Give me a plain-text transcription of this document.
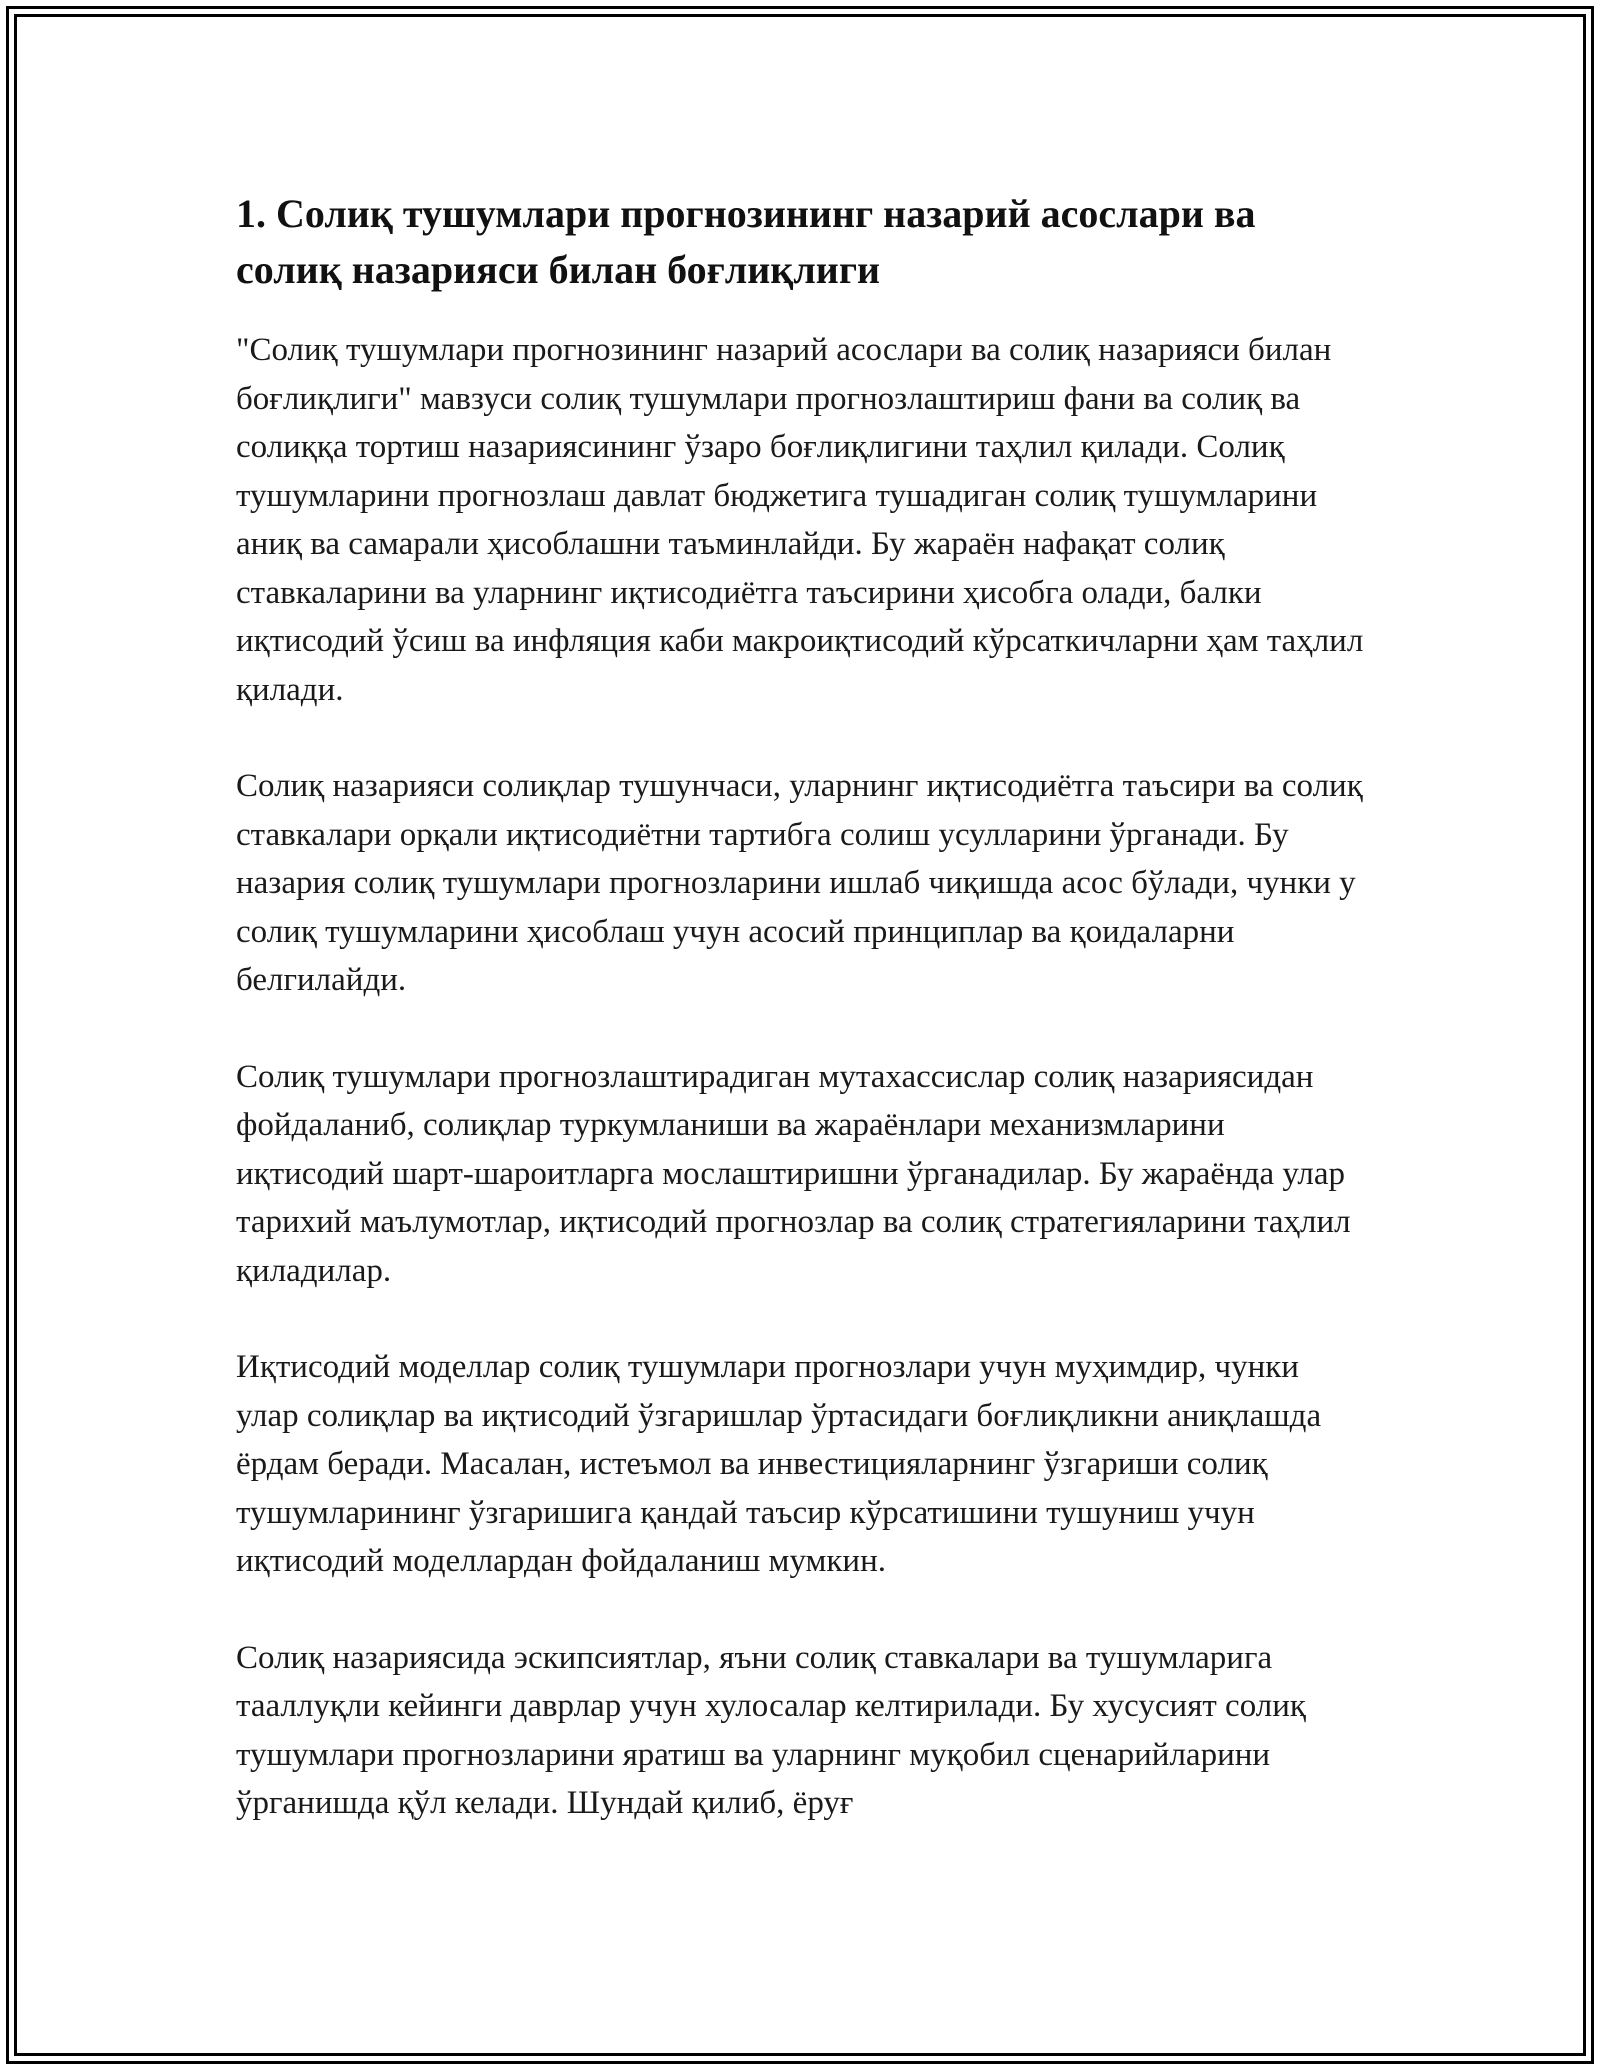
1. Солиқ тушумлари прогнозининг назарий асослари ва солиқ назарияси билан боғлиқлиги

"Солиқ тушумлари прогнозининг назарий асослари ва солиқ назарияси билан боғлиқлиги" мавзуси солиқ тушумлари прогнозлаштириш фани ва солиқ ва солиққа тортиш назариясининг ўзаро боғлиқлигини таҳлил қилади. Солиқ тушумларини прогнозлаш давлат бюджетига тушадиган солиқ тушумларини аниқ ва самарали ҳисоблашни таъминлайди. Бу жараён нафақат солиқ ставкаларини ва уларнинг иқтисодиётга таъсирини ҳисобга олади, балки иқтисодий ўсиш ва инфляция каби макроиқтисодий кўрсаткичларни ҳам таҳлил қилади.

Солиқ назарияси солиқлар тушунчаси, уларнинг иқтисодиётга таъсири ва солиқ ставкалари орқали иқтисодиётни тартибга солиш усулларини ўрганади. Бу назария солиқ тушумлари прогнозларини ишлаб чиқишда асос бўлади, чунки у солиқ тушумларини ҳисоблаш учун асосий принциплар ва қоидаларни белгилайди.

Солиқ тушумлари прогнозлаштирадиган мутахассислар солиқ назариясидан фойдаланиб, солиқлар туркумланиши ва жараёнлари механизмларини иқтисодий шарт-шароитларга мослаштиришни ўрганадилар. Бу жараёнда улар тарихий маълумотлар, иқтисодий прогнозлар ва солиқ стратегияларини таҳлил қиладилар.

Иқтисодий моделлар солиқ тушумлари прогнозлари учун муҳимдир, чунки улар солиқлар ва иқтисодий ўзгаришлар ўртасидаги боғлиқликни аниқлашда ёрдам беради. Масалан, истеъмол ва инвестицияларнинг ўзгариши солиқ тушумларининг ўзгаришига қандай таъсир кўрсатишини тушуниш учун иқтисодий моделлардан фойдаланиш мумкин.

Солиқ назариясида эскипсиятлар, яъни солиқ ставкалари ва тушумларига тааллуқли кейинги даврлар учун хулосалар келтирилади. Бу хусусият солиқ тушумлари прогнозларини яратиш ва уларнинг муқобил сценарийларини ўрганишда қўл келади. Шундай қилиб, ёруғ
